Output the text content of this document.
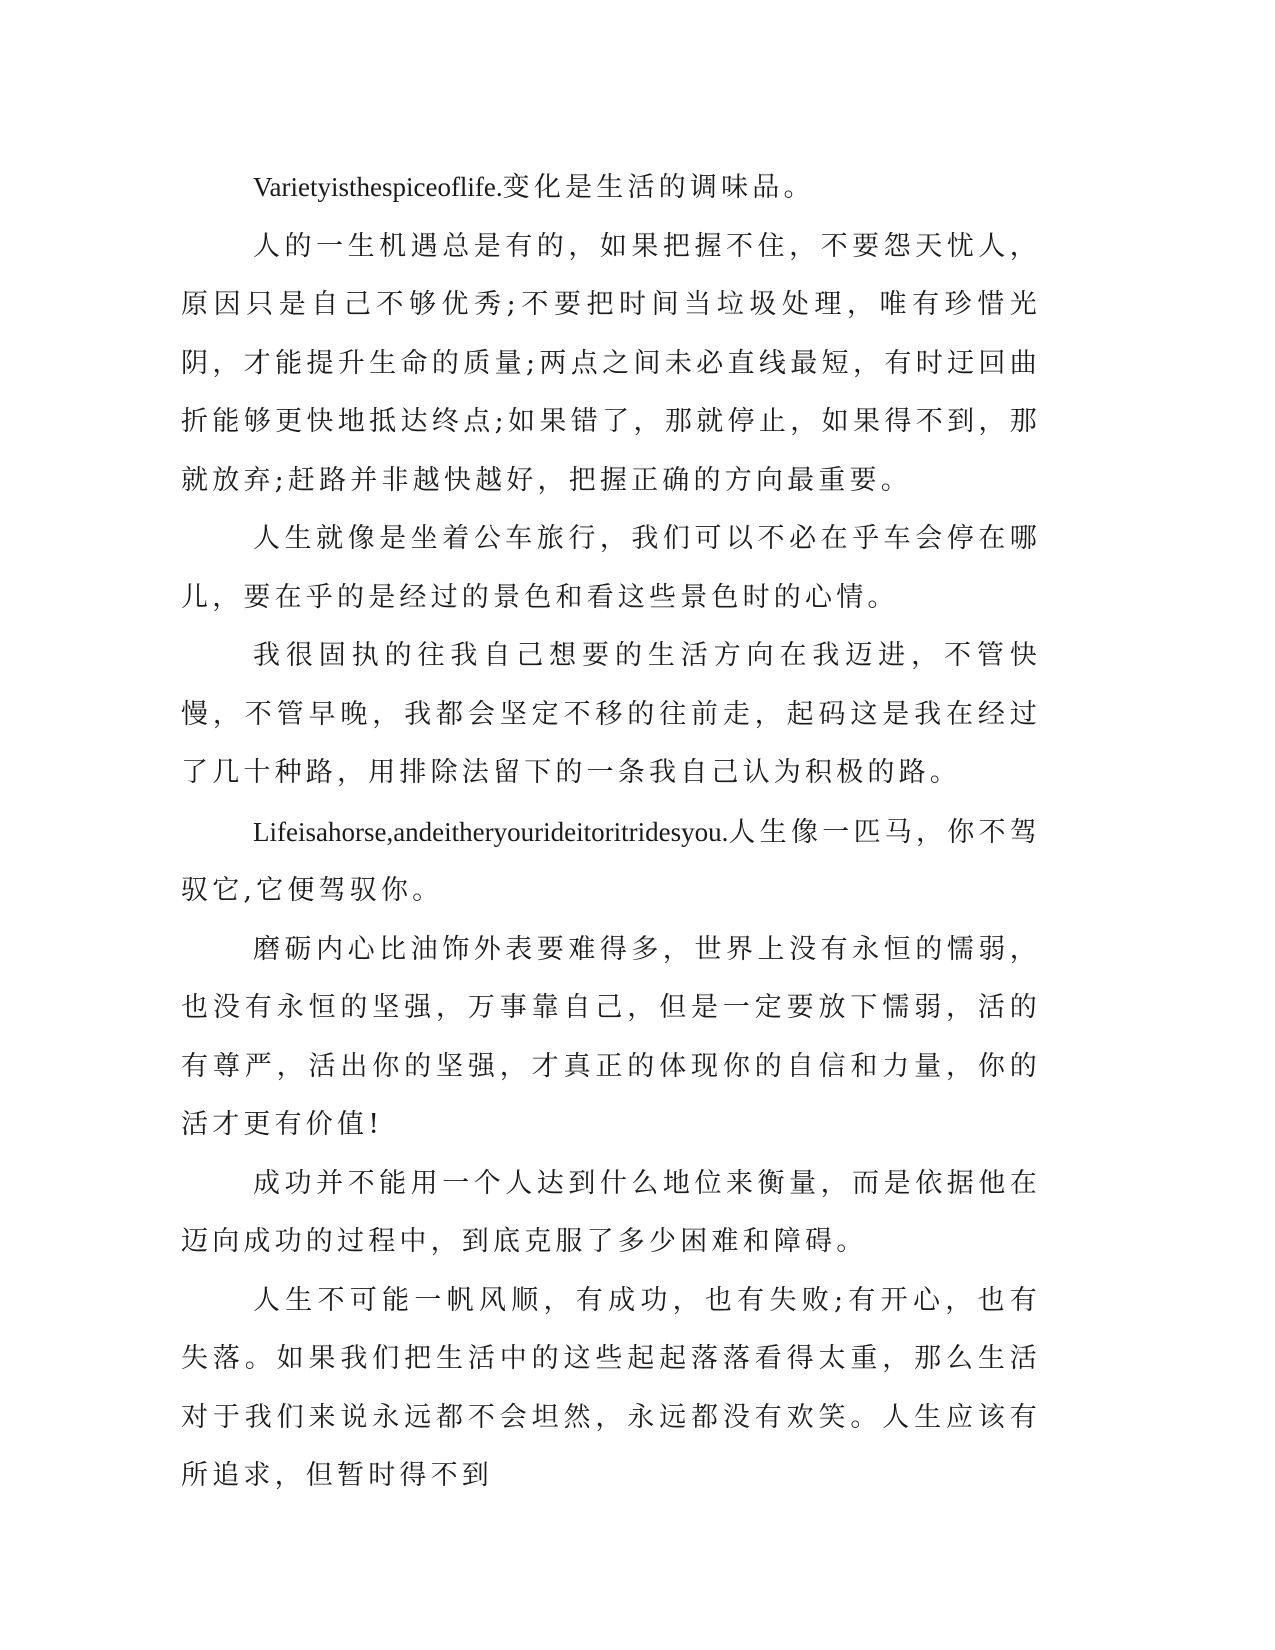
Varietyisthespiceoflife.变化是生活的调味品。

人的一生机遇总是有的，如果把握不住，不要怨天忧人，原因只是自己不够优秀;不要把时间当垃圾处理，唯有珍惜光阴，才能提升生命的质量;两点之间未必直线最短，有时迂回曲折能够更快地抵达终点;如果错了，那就停止，如果得不到，那就放弃;赶路并非越快越好，把握正确的方向最重要。

人生就像是坐着公车旅行，我们可以不必在乎车会停在哪儿，要在乎的是经过的景色和看这些景色时的心情。

我很固执的往我自己想要的生活方向在我迈进，不管快慢，不管早晚，我都会坚定不移的往前走，起码这是我在经过了几十种路，用排除法留下的一条我自己认为积极的路。

Lifeisahorse,andeitheryourideitoritridesyou.人生像一匹马，你不驾驭它,它便驾驭你。

磨砺内心比油饰外表要难得多，世界上没有永恒的懦弱，也没有永恒的坚强，万事靠自己，但是一定要放下懦弱，活的有尊严，活出你的坚强，才真正的体现你的自信和力量，你的活才更有价值!

成功并不能用一个人达到什么地位来衡量，而是依据他在迈向成功的过程中，到底克服了多少困难和障碍。

人生不可能一帆风顺，有成功，也有失败;有开心，也有失落。如果我们把生活中的这些起起落落看得太重，那么生活对于我们来说永远都不会坦然，永远都没有欢笑。人生应该有所追求，但暂时得不到
